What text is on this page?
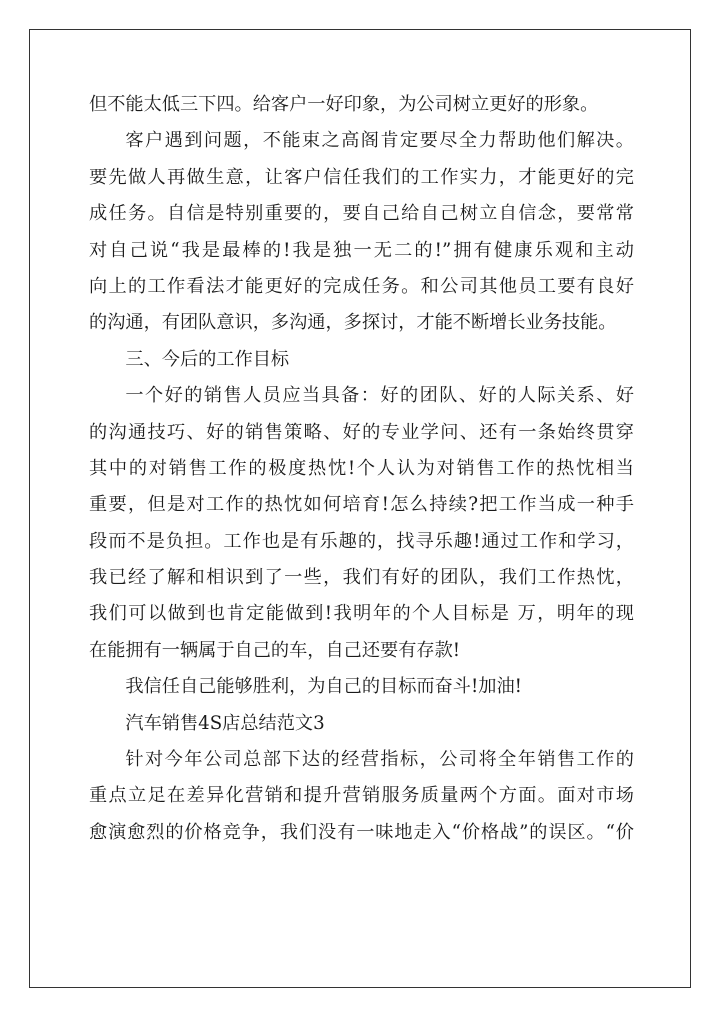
但不能太低三下四。给客户一好印象，为公司树立更好的形象。
客户遇到问题，不能束之高阁肯定要尽全力帮助他们解决。
要先做人再做生意，让客户信任我们的工作实力，才能更好的完
成任务。自信是特别重要的，要自己给自己树立自信念，要常常
对自己说“我是最棒的!我是独一无二的!”拥有健康乐观和主动
向上的工作看法才能更好的完成任务。和公司其他员工要有良好
的沟通，有团队意识，多沟通，多探讨，才能不断增长业务技能。
三、今后的工作目标
一个好的销售人员应当具备：好的团队、好的人际关系、好
的沟通技巧、好的销售策略、好的专业学问、还有一条始终贯穿
其中的对销售工作的极度热忱!个人认为对销售工作的热忱相当
重要，但是对工作的热忱如何培育!怎么持续?把工作当成一种手
段而不是负担。工作也是有乐趣的，找寻乐趣!通过工作和学习，
我已经了解和相识到了一些，我们有好的团队，我们工作热忱，
我们可以做到也肯定能做到!我明年的个人目标是 万，明年的现
在能拥有一辆属于自己的车，自己还要有存款!
我信任自己能够胜利，为自己的目标而奋斗!加油!
汽车销售4S店总结范文3
针对今年公司总部下达的经营指标，公司将全年销售工作的
重点立足在差异化营销和提升营销服务质量两个方面。面对市场
愈演愈烈的价格竞争，我们没有一味地走入“价格战”的误区。“价
